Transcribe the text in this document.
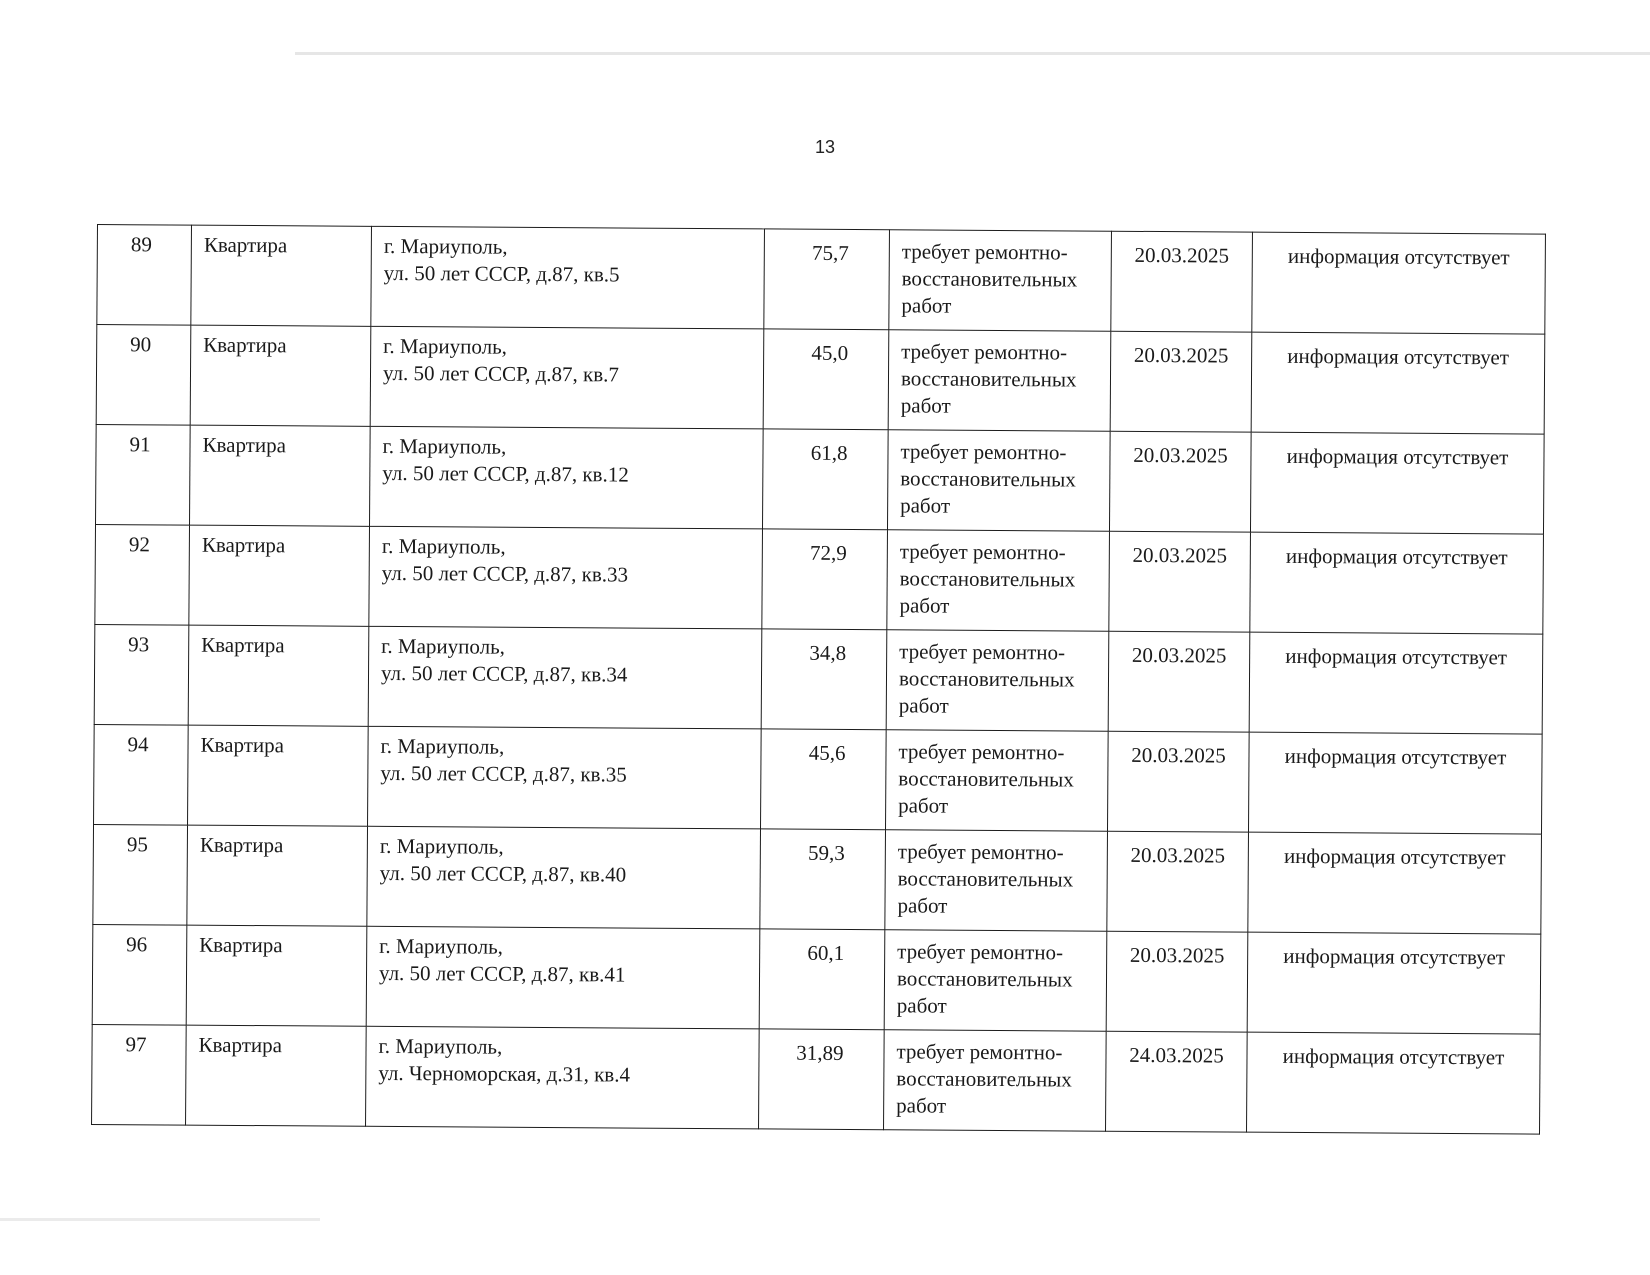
13
89	Квартира	г. Мариуполь,
ул. 50 лет СССР, д.87, кв.5	75,7	требует ремонтно-
восстановительных
работ	20.03.2025	информация отсутствует
90	Квартира	г. Мариуполь,
ул. 50 лет СССР, д.87, кв.7	45,0	требует ремонтно-
восстановительных
работ	20.03.2025	информация отсутствует
91	Квартира	г. Мариуполь,
ул. 50 лет СССР, д.87, кв.12	61,8	требует ремонтно-
восстановительных
работ	20.03.2025	информация отсутствует
92	Квартира	г. Мариуполь,
ул. 50 лет СССР, д.87, кв.33	72,9	требует ремонтно-
восстановительных
работ	20.03.2025	информация отсутствует
93	Квартира	г. Мариуполь,
ул. 50 лет СССР, д.87, кв.34	34,8	требует ремонтно-
восстановительных
работ	20.03.2025	информация отсутствует
94	Квартира	г. Мариуполь,
ул. 50 лет СССР, д.87, кв.35	45,6	требует ремонтно-
восстановительных
работ	20.03.2025	информация отсутствует
95	Квартира	г. Мариуполь,
ул. 50 лет СССР, д.87, кв.40	59,3	требует ремонтно-
восстановительных
работ	20.03.2025	информация отсутствует
96	Квартира	г. Мариуполь,
ул. 50 лет СССР, д.87, кв.41	60,1	требует ремонтно-
восстановительных
работ	20.03.2025	информация отсутствует
97	Квартира	г. Мариуполь,
ул. Черноморская, д.31, кв.4	31,89	требует ремонтно-
восстановительных
работ	24.03.2025	информация отсутствует
